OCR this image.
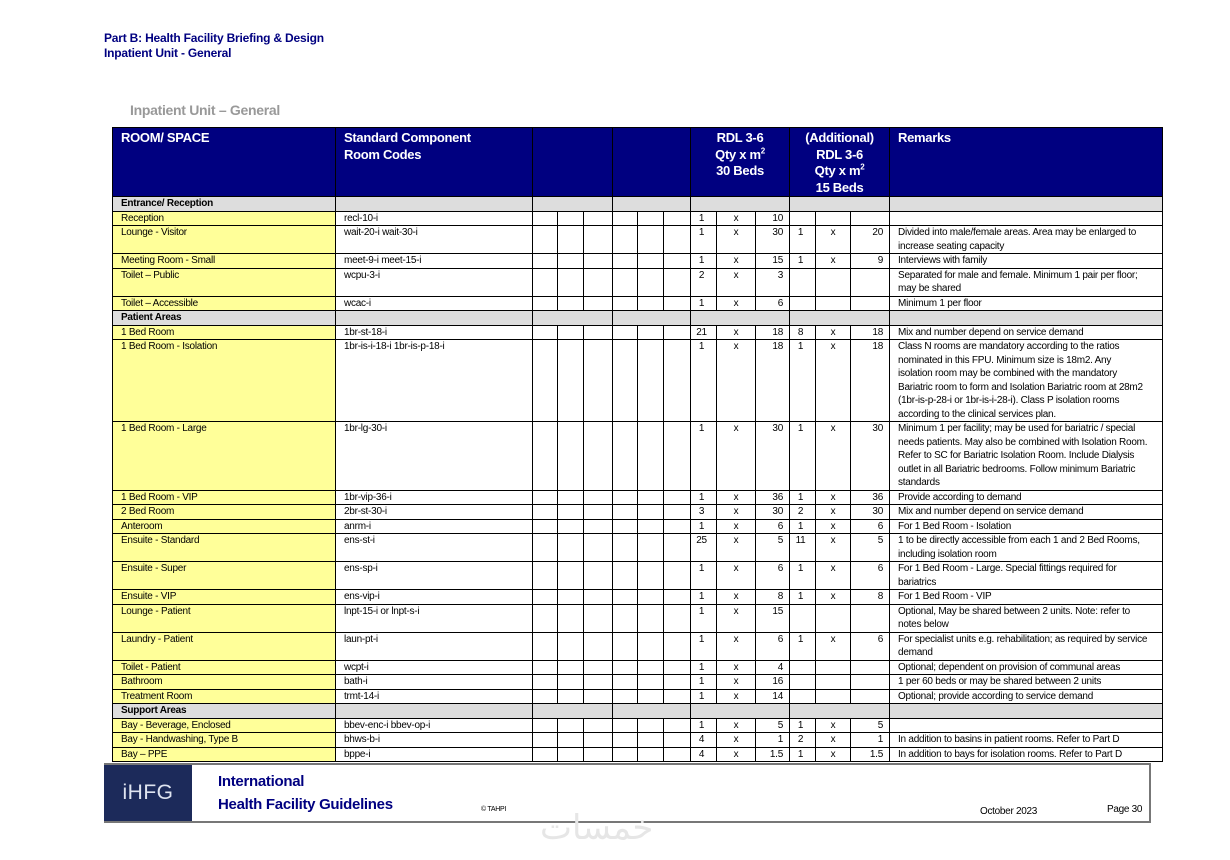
Part B: Health Facility Briefing & Design
Inpatient Unit - General
Inpatient Unit – General
ROOM/ SPACE	Standard Component
Room Codes							RDL 3-6
Qty x $m^2$
30 Beds			(Additional)
RDL 3-6
Qty x $m^2$
15 Beds			Remarks
Entrance/ Reception														
Reception	recl-10-i							1	x	10				
Lounge - Visitor	wait-20-i wait-30-i							1	x	30	1	x	20	Divided into male/female areas. Area may be enlarged to increase seating capacity
Meeting Room - Small	meet-9-i meet-15-i							1	x	15	1	x	9	Interviews with family
Toilet – Public	wcpu-3-i							2	x	3				Separated for male and female. Minimum 1 pair per floor; may be shared
Toilet – Accessible	wcac-i							1	x	6				Minimum 1 per floor
Patient Areas														
1 Bed Room	1br-st-18-i							21	x	18	8	x	18	Mix and number depend on service demand
1 Bed Room - Isolation	1br-is-i-18-i 1br-is-p-18-i							1	x	18	1	x	18	Class N rooms are mandatory according to the ratios nominated in this FPU. Minimum size is 18m2. Any isolation room may be combined with the mandatory Bariatric room to form and Isolation Bariatric room at 28m2 (1br-is-p-28-i or 1br-is-i-28-i). Class P isolation rooms according to the clinical services plan.
1 Bed Room - Large	1br-lg-30-i							1	x	30	1	x	30	Minimum 1 per facility; may be used for bariatric / special needs patients. May also be combined with Isolation Room. Refer to SC for Bariatric Isolation Room. Include Dialysis outlet in all Bariatric bedrooms. Follow minimum Bariatric standards
1 Bed Room - VIP	1br-vip-36-i							1	x	36	1	x	36	Provide according to demand
2 Bed Room	2br-st-30-i							3	x	30	2	x	30	Mix and number depend on service demand
Anteroom	anrm-i							1	x	6	1	x	6	For 1 Bed Room - Isolation
Ensuite - Standard	ens-st-i							25	x	5	11	x	5	1 to be directly accessible from each 1 and 2 Bed Rooms, including isolation room
Ensuite - Super	ens-sp-i							1	x	6	1	x	6	For 1 Bed Room - Large. Special fittings required for bariatrics
Ensuite - VIP	ens-vip-i							1	x	8	1	x	8	For 1 Bed Room - VIP
Lounge - Patient	lnpt-15-i or lnpt-s-i							1	x	15				Optional, May be shared between 2 units. Note: refer to notes below
Laundry - Patient	laun-pt-i							1	x	6	1	x	6	For specialist units e.g. rehabilitation; as required by service demand
Toilet - Patient	wcpt-i							1	x	4				Optional; dependent on provision of communal areas
Bathroom	bath-i							1	x	16				1 per 60 beds or may be shared between 2 units
Treatment Room	trmt-14-i							1	x	14				Optional; provide according to service demand
Support Areas														
Bay - Beverage, Enclosed	bbev-enc-i bbev-op-i							1	x	5	1	x	5	
Bay - Handwashing, Type B	bhws-b-i							4	x	1	2	x	1	In addition to basins in patient rooms. Refer to Part D
Bay – PPE	bppe-i							4	x	1.5	1	x	1.5	In addition to bays for isolation rooms. Refer to Part D
iHFG	International
Health Facility Guidelines	© TAHPI	October 2023	Page 30
خمسات
